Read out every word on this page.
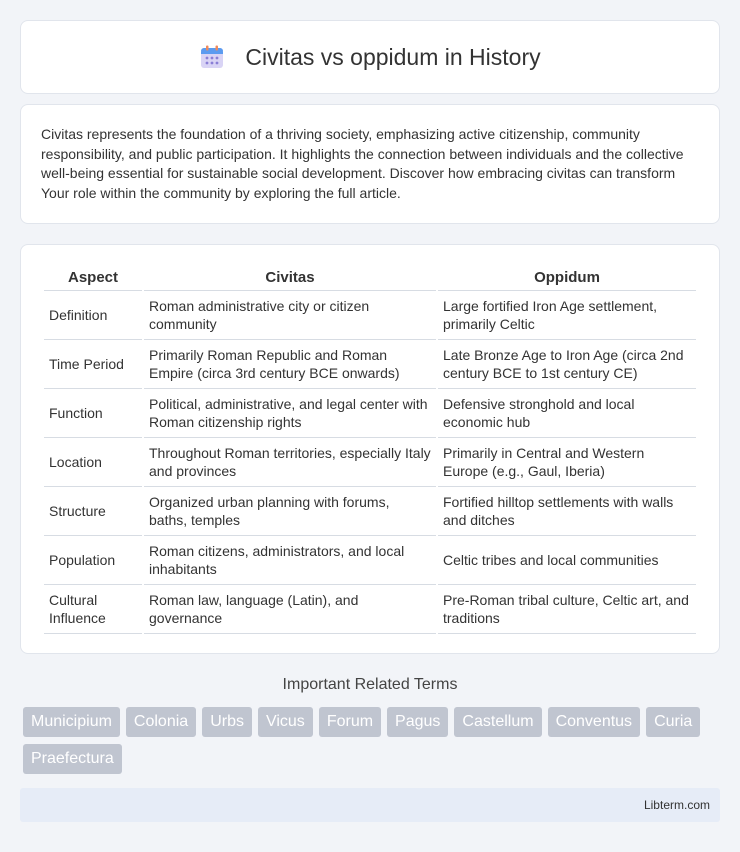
Civitas vs oppidum in History

Civitas represents the foundation of a thriving society, emphasizing active citizenship, community responsibility, and public participation. It highlights the connection between individuals and the collective well-being essential for sustainable social development. Discover how embracing civitas can transform Your role within the community by exploring the full article.

Aspect	Civitas	Oppidum
Definition	Roman administrative city or citizen community	Large fortified Iron Age settlement, primarily Celtic
Time Period	Primarily Roman Republic and Roman Empire (circa 3rd century BCE onwards)	Late Bronze Age to Iron Age (circa 2nd century BCE to 1st century CE)
Function	Political, administrative, and legal center with Roman citizenship rights	Defensive stronghold and local economic hub
Location	Throughout Roman territories, especially Italy and provinces	Primarily in Central and Western Europe (e.g., Gaul, Iberia)
Structure	Organized urban planning with forums, baths, temples	Fortified hilltop settlements with walls and ditches
Population	Roman citizens, administrators, and local inhabitants	Celtic tribes and local communities
Cultural Influence	Roman law, language (Latin), and governance	Pre-Roman tribal culture, Celtic art, and traditions
Important Related Terms
Municipium	Colonia	Urbs	Vicus	Forum	Pagus	Castellum	Conventus	Curia
Praefectura
Libterm.com
